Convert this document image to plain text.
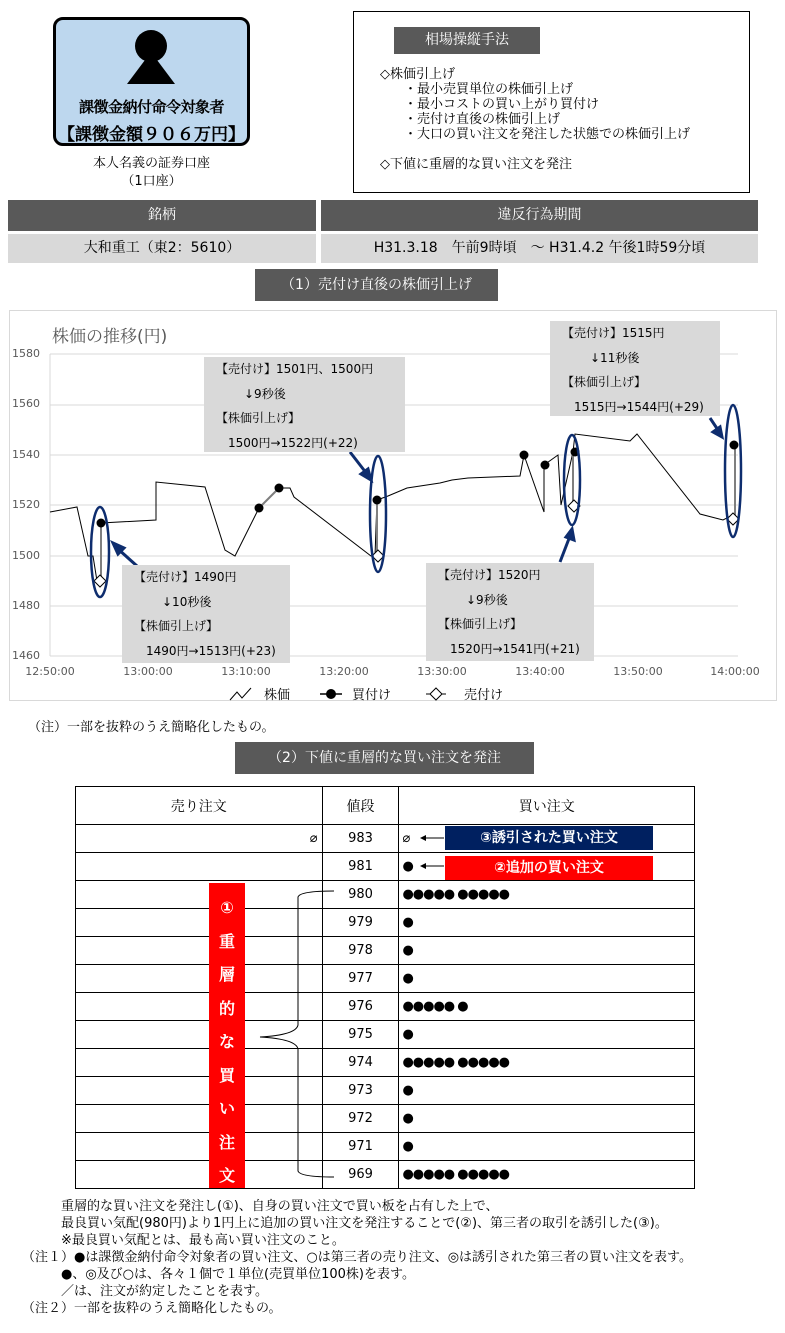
課徴金納付命令対象者
【課徴金額９０６万円】
本人名義の証券口座
（1口座）
相場操縦手法
◇株価引上げ
・最小売買単位の株価引上げ
・最小コストの買い上がり買付け
・売付け直後の株価引上げ
・大口の買い注文を発注した状態での株価引上げ
◇下値に重層的な買い注文を発注
銘柄	違反行為期間
大和重工（東2：5610）	H31.3.18　午前9時頃　～ H31.4.2 午後1時59分頃
（1）売付け直後の株価引上げ
株価の推移(円)
1580
1560
1540
1520
1500
1480
1460
12:50:00	13:00:00	13:10:00	13:20:00	13:30:00	13:40:00	13:50:00	14:00:00
【売付け】1490円
↓10秒後
【株価引上げ】
1490円→1513円(+23)
【売付け】1501円、1500円
↓9秒後
【株価引上げ】
1500円→1522円(+22)
【売付け】1520円
↓9秒後
【株価引上げ】
1520円→1541円(+21)
【売付け】1515円
↓11秒後
【株価引上げ】
1515円→1544円(+29)
株価	買付け	売付け
（注）一部を抜粋のうえ簡略化したもの。
（2）下値に重層的な買い注文を発注
売り注文	値段	買い注文
⌀	983	⌀
	981	●
	980	●●●●● ●●●●●
	979	●
	978	●
	977	●
	976	●●●●● ●
	975	●
	974	●●●●● ●●●●●
	973	●
	972	●
	971	●
	969	●●●●● ●●●●●
③誘引された買い注文
②追加の買い注文
①
重
層
的
な
買
い
注
文
重層的な買い注文を発注し(①)、自身の買い注文で買い板を占有した上で、
最良買い気配(980円)より1円上に追加の買い注文を発注することで(②)、第三者の取引を誘引した(③)。
※最良買い気配とは、最も高い買い注文のこと。
（注１） ●は課徴金納付命令対象者の買い注文、○は第三者の売り注文、◎は誘引された第三者の買い注文を表す。
●、◎及び○は、各々１個で１単位(売買単位100株)を表す。
／は、注文が約定したことを表す。
（注２）一部を抜粋のうえ簡略化したもの。
